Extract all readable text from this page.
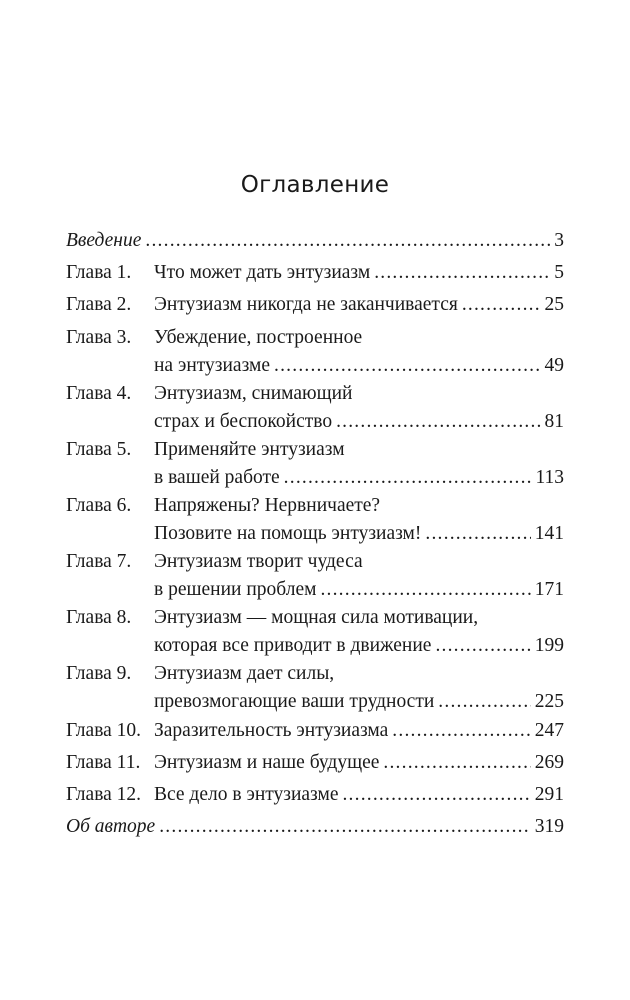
Оглавление
Введение .....	3
Глава 1. Что может дать энтузиазм .....	5
Глава 2. Энтузиазм никогда не заканчивается .....	25
Глава 3. Убеждение, построенное
на энтузиазме .....	49
Глава 4. Энтузиазм, снимающий
страх и беспокойство .....	81
Глава 5. Применяйте энтузиазм
в вашей работе .....	113
Глава 6. Напряжены? Нервничаете?
Позовите на помощь энтузиазм! .....	141
Глава 7. Энтузиазм творит чудеса
в решении проблем .....	171
Глава 8. Энтузиазм — мощная сила мотивации,
которая все приводит в движение .....	199
Глава 9. Энтузиазм дает силы,
превозмогающие ваши трудности .....	225
Глава 10. Заразительность энтузиазма .....	247
Глава 11. Энтузиазм и наше будущее .....	269
Глава 12. Все дело в энтузиазме .....	291
Об авторе .....	319
